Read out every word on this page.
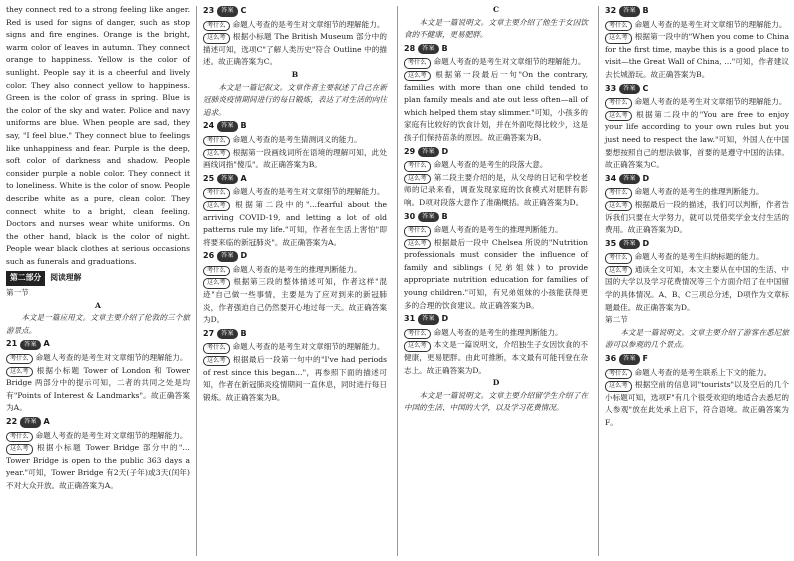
they connect red to a strong feeling like anger. Red is used for signs of danger, such as stop signs and fire engines. Orange is the bright, warm color of leaves in autumn. They connect orange to happiness. Yellow is the color of sunlight. People say it is a cheerful and lively color. They also connect yellow to happiness. Green is the color of grass in spring. Blue is the color of the sky and water. Police and navy uniforms are blue. When people are sad, they say, "I feel blue." They connect blue to feelings like unhappiness and fear. Purple is the deep, soft color of darkness and shadow. People consider purple a noble color. They connect it to loneliness. White is the color of snow. People describe white as a pure, clean color. They connect white to a bright, clean feeling. Doctors and nurses wear white uniforms. On the other hand, black is the color of night. People wear black clothes at serious occasions such as funerals and graduations.

第二部分	阅读理解

第一节

A

本文是一篇应用文。文章主要介绍了伦敦的三个旅游景点。

21	答案 A

考什么 命题人考查的是考生对文章细节的理解能力。

这么考 根据小标题 Tower of London 和 Tower Bridge 两部分中的提示可知，二者的共同之处是均有"Points of Interest & Landmarks"。故正确答案为A。

22	答案 A

考什么 命题人考查的是考生对文章细节的理解能力。

这么考 根据小标题 Tower Bridge 部分中的"…Tower Bridge is open to the public 363 days a year."可知，Tower Bridge 有2天(子年)或3天(闰年)不对大众开放。故正确答案为A。

23	答案 C

考什么 命题人考查的是考生对文章细节的理解能力。

这么考 根据小标题 The British Museum 部分中的描述可知，选项C"了解人类历史"符合 Outline 中的描述。故正确答案为C。

B

本文是一篇记叙文。文章作者主要叙述了自己在新冠肺炎疫情期间进行的每日锻炼，表达了对生活的向往追求。

24	答案 B

考什么 命题人考查的是考生猜测词义的能力。

这么考 根据第一段画线词所在语境的理解可知，此处画线词指"傻瓜"。故正确答案为B。

25	答案 A

考什么 命题人考查的是考生对文章细节的理解能力。

这么考 根据第二段中的"…fearful about the arriving COVID-19, and letting a lot of old patterns rule my life."可知，作者在生活上害怕"即将要来临的新冠肺炎"。故正确答案为A。

26	答案 D

考什么 命题人考查的是考生的推理判断能力。

这么考 根据第三段的整体描述可知，作者这样"混迹"自己做一些事情，主要是为了应对到来的新冠肺炎，作者强迫自己仍然要开心地过每一天。故正确答案为D。

27	答案 B

考什么 命题人考查的是考生对文章细节的理解能力。

这么考 根据最后一段第一句中的"I've had periods of rest since this began…"，再参照下面的描述可知，作者在新冠肺炎疫情期间一直休息，同时进行每日锻炼。故正确答案为B。

C

本文是一篇说明文。文章主要介绍了他生于女因饮食的不健康，更易肥胖。

28	答案 B

考什么 命题人考查的是考生对文章细节的理解能力。

这么考 根据第一段最后一句"On the contrary, families with more than one child tended to plan family meals and ate out less often—all of which helped them stay slimmer."可知，小孩多的家庭有比较好的饮食计划，并在外面吃得比较少，这是孩子们保持苗条的原因。故正确答案为B。

29	答案 D

考什么 命题人考查的是考生的段落大意。

这么考 第二段主要介绍的是，从父母的日记和学校老师的记录来看，调查发现家庭的饮食模式对肥胖有影响。D项对段落大意作了准确概括。故正确答案为D。

30	答案 B

考什么 命题人考查的是考生的推理判断能力。

这么考 根据最后一段中 Chelsea 所说的"Nutrition professionals must consider the influence of family and siblings (兄弟姐妹) to provide appropriate nutrition education for families of young children."可知，有兄弟姐妹的小孩能获得更多的合理的饮食建议。故正确答案为B。

31	答案 D

考什么 命题人考查的是考生的推理判断能力。

这么考 本文是一篇说明文，介绍独生子女因饮食的不健康，更易肥胖。由此可推断，本文最有可能刊登在杂志上。故正确答案为D。

D

本文是一篇说明文。文章主要介绍留学生介绍了在中国的生活、中国的大学，以及学习花费情况。

32	答案 B

考什么 命题人考查的是考生对文章细节的理解能力。

这么考 根据第一段中的"When you come to China for the first time, maybe this is a good place to visit—the Great Wall of China, …"可知，作者建议去长城游玩。故正确答案为B。

33	答案 C

考什么 命题人考查的是考生对文章细节的理解能力。

这么考 根据第二段中的"You are free to enjoy your life according to your own rules but you just need to respect the law."可知，外国人在中国要想按照自己的想法做事，首要的是遵守中国的法律。故正确答案为C。

34	答案 D

考什么 命题人考查的是考生的推理判断能力。

这么考 根据最后一段的描述，我们可以判断，作者告诉我们只要在大学努力，就可以凭借奖学金支付生活的费用。故正确答案为D。

35	答案 D

考什么 命题人考查的是考生归纳标题的能力。

这么考 通读全文可知，本文主要从在中国的生活、中国的大学以及学习花费情况等三个方面介绍了在中国留学的具体情况。A、B、C三项总分述，D项作为文章标题最佳。故正确答案为D。

第二节

本文是一篇说明文。文章主要介绍了游客在悉尼旅游可以参观的几个景点。

36	答案 F

考什么 命题人考查的是考生联系上下文的能力。

这么考 根据空前的信息词"tourists"以及空后的几个小标题可知，选项F"有几个很受欢迎的地适合去悉尼的人参观"放在此处承上启下，符合语境。故正确答案为F。
